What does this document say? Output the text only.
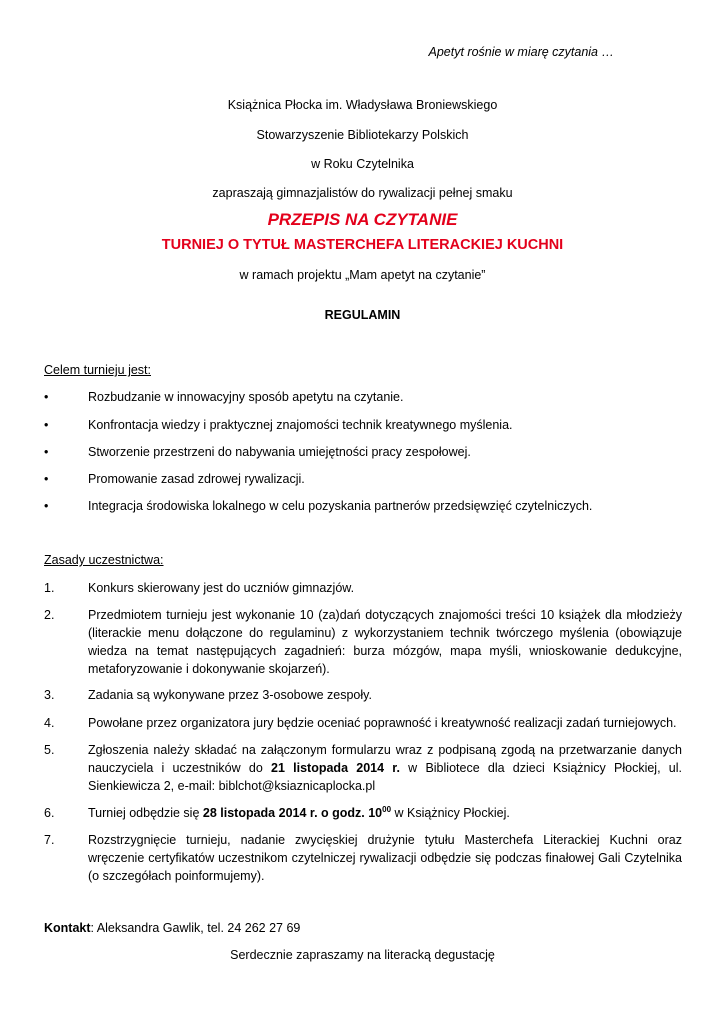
Apetyt rośnie w miarę czytania …
Książnica Płocka im. Władysława Broniewskiego
Stowarzyszenie Bibliotekarzy Polskich
w Roku Czytelnika
zapraszają gimnazjalistów do rywalizacji pełnej smaku
PRZEPIS NA CZYTANIE
TURNIEJ O TYTUŁ MASTERCHEFA LITERACKIEJ KUCHNI
w ramach projektu „Mam apetyt na czytanie”
REGULAMIN
Celem turnieju jest:
•	Rozbudzanie w innowacyjny sposób apetytu na czytanie.
•	Konfrontacja wiedzy i praktycznej znajomości technik kreatywnego myślenia.
•	Stworzenie przestrzeni do nabywania umiejętności pracy zespołowej.
•	Promowanie zasad zdrowej rywalizacji.
•	Integracja środowiska lokalnego w celu pozyskania partnerów przedsięwzięć czytelniczych.
Zasady uczestnictwa:
1.	Konkurs skierowany jest do uczniów gimnazjów.
2.	Przedmiotem turnieju jest wykonanie 10 (za)dań dotyczących znajomości treści 10 książek dla młodzieży (literackie menu dołączone do regulaminu) z wykorzystaniem technik twórczego myślenia (obowiązuje wiedza na temat następujących zagadnień: burza mózgów, mapa myśli, wnioskowanie dedukcyjne, metaforyzowanie i dokonywanie skojarzeń).
3.	Zadania są wykonywane przez 3-osobowe zespoły.
4.	Powołane przez organizatora jury będzie oceniać poprawność i kreatywność realizacji zadań turniejowych.
5.	Zgłoszenia należy składać na załączonym formularzu wraz z podpisaną zgodą na przetwarzanie danych nauczyciela i uczestników do 21 listopada 2014 r. w Bibliotece dla dzieci Książnicy Płockiej, ul. Sienkiewicza 2, e-mail: biblchot@ksiaznicaplocka.pl
6.	Turniej odbędzie się 28 listopada 2014 r. o godz. $10^{00}$ w Książnicy Płockiej.
7.	Rozstrzygnięcie turnieju, nadanie zwycięskiej drużynie tytułu Masterchefa Literackiej Kuchni oraz wręczenie certyfikatów uczestnikom czytelniczej rywalizacji odbędzie się podczas finałowej Gali Czytelnika (o szczegółach poinformujemy).
Kontakt: Aleksandra Gawlik, tel. 24 262 27 69
Serdecznie zapraszamy na literacką degustację
